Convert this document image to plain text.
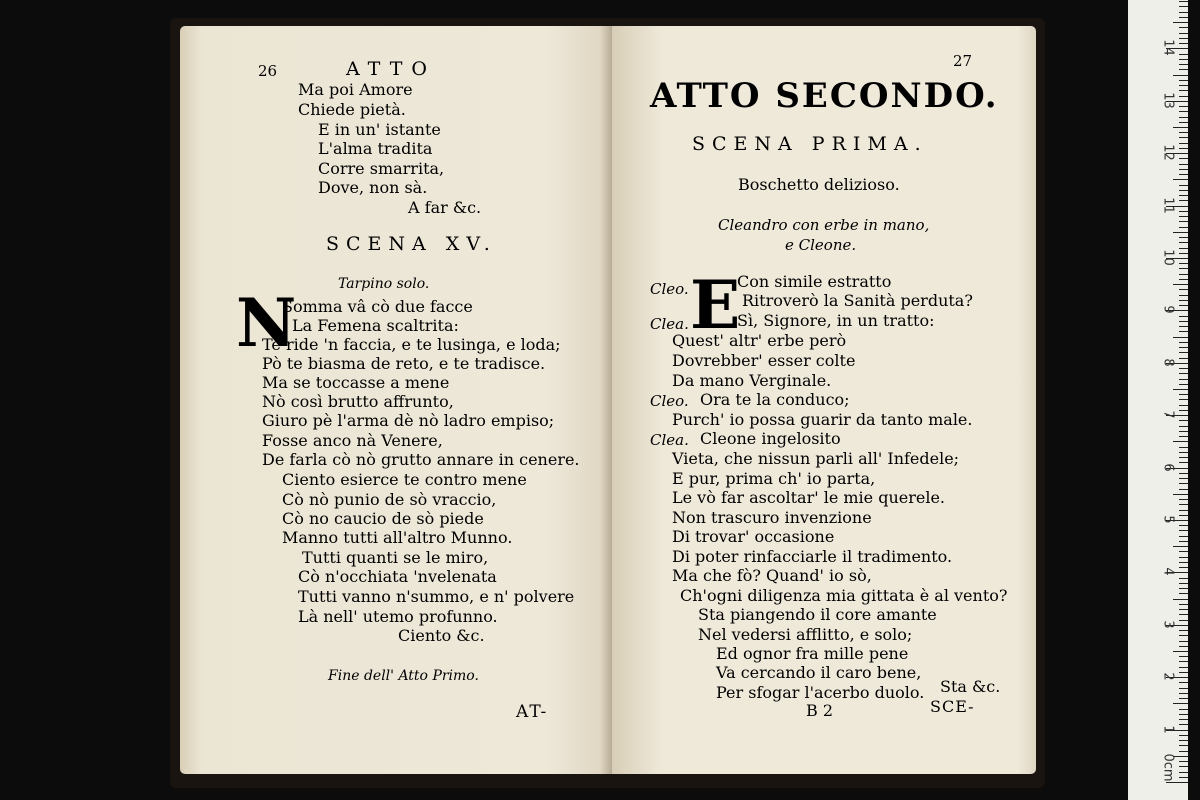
26	ATTO
Ma poi Amore
Chiede pietà.
E in un' istante
L'alma tradita
Corre smarrita,
Dove, non sà.
A far &c.
SCENA XV.
Tarpino solo.
N
Somma vâ cò due facce
La Femena scaltrita:
Te ride 'n faccia, e te lusinga, e loda;
Pò te biasma de reto, e te tradisce.
Ma se toccasse a mene
Nò così brutto affrunto,
Giuro pè l'arma dè nò ladro empiso;
Fosse anco nà Venere,
De farla cò nò grutto annare in cenere.
Ciento esierce te contro mene
Cò nò punio de sò vraccio,
Cò no caucio de sò piede
Manno tutti all'altro Munno.
Tutti quanti se le miro,
Cò n'occhiata 'nvelenata
Tutti vanno n'summo, e n' polvere
Là nell' utemo profunno.
Ciento &c.
Fine dell' Atto Primo.
AT-
27
ATTO SECONDO.
SCENA PRIMA.
Boschetto delizioso.
Cleandro con erbe in mano,
e Cleone.
Cleo. E
Con simile estratto
Ritroverò la Sanità perduta?
Clea.	Sì, Signore, in un tratto:
Quest' altr' erbe però
Dovrebber' esser colte
Da mano Verginale.
Cleo. Ora te la conduco;
Purch' io possa guarir da tanto male.
Clea. Cleone ingelosito
Vieta, che nissun parli all' Infedele;
E pur, prima ch' io parta,
Le vò far ascoltar' le mie querele.
Non trascuro invenzione
Di trovar' occasione
Di poter rinfacciarle il tradimento.
Ma che fò? Quand' io sò,
Ch'ogni diligenza mia gittata è al vento?
Sta piangendo il core amante
Nel vedersi afflitto, e solo;
Ed ognor fra mille pene
Va cercando il caro bene,
Per sfogar l'acerbo duolo. Sta &c.
B 2	SCE-
0cm
1
2
3
4
5
6
7
8
9
10
11
12
13
14
